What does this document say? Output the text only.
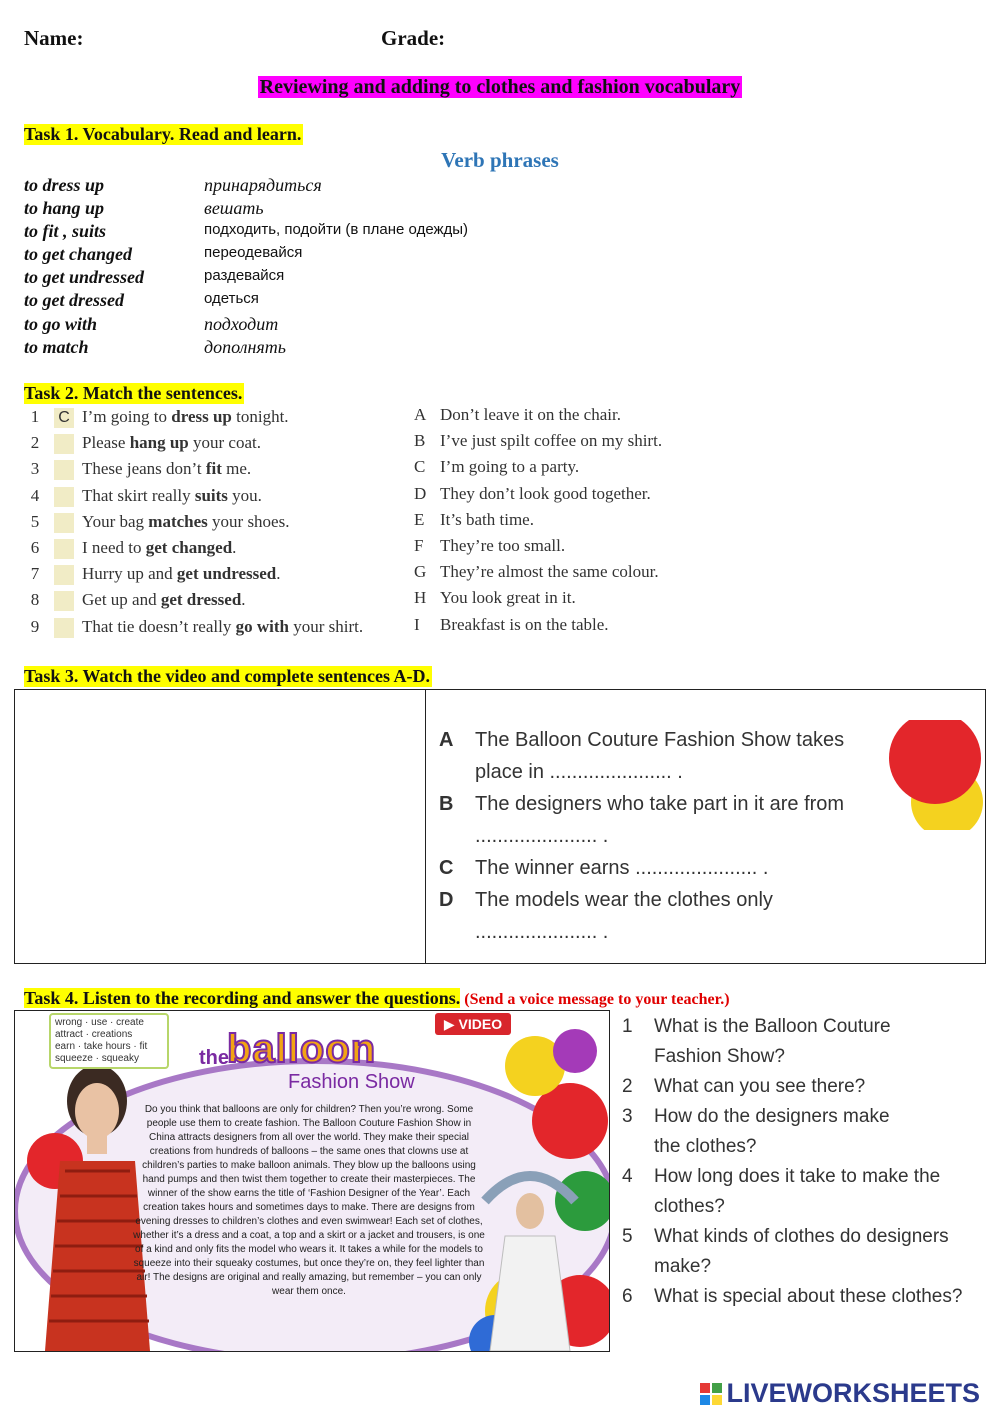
Name:	Grade:
Reviewing and adding to clothes and fashion vocabulary
Task 1. Vocabulary. Read and learn.
Verb phrases
to dress up	принарядиться
to hang up	вешать
to fit , suits	подходить, подойти (в плане одежды)
to get changed	переодевайся
to get undressed	раздевайся
to get dressed	одеться
to go with	подходит
to match	дополнять
Task 2. Match the sentences.
1 C I’m going to dress up tonight.
2	Please hang up your coat.
3	These jeans don’t fit me.
4	That skirt really suits you.
5	Your bag matches your shoes.
6	I need to get changed.
7	Hurry up and get undressed.
8	Get up and get dressed.
9	That tie doesn’t really go with your shirt.
A Don’t leave it on the chair.
B I’ve just spilt coffee on my shirt.
C I’m going to a party.
D They don’t look good together.
E It’s bath time.
F They’re too small.
G They’re almost the same colour.
H You look great in it.
I Breakfast is on the table.
Task 3. Watch the video and complete sentences A-D.
A The Balloon Couture Fashion Show takes place in ...................... .
B The designers who take part in it are from ...................... .
C The winner earns ...................... .
D The models wear the clothes only ...................... .
Task 4. Listen to the recording and answer the questions. (Send a voice message to your teacher.)
wrong · use · create
attract · creations
earn · take hours · fit
squeeze · squeaky
▶ VIDEO
the
balloon
Fashion Show
Do you think that balloons are only for children? Then you’re wrong. Some people use them to create fashion. The Balloon Couture Fashion Show in China attracts designers from all over the world. They make their special creations from hundreds of balloons – the same ones that clowns use at children’s parties to make balloon animals. They blow up the balloons using hand pumps and then twist them together to create their masterpieces. The winner of the show earns the title of ‘Fashion Designer of the Year’. Each creation takes hours and sometimes days to make. There are designs from evening dresses to children’s clothes and even swimwear! Each set of clothes, whether it’s a dress and a coat, a top and a skirt or a jacket and trousers, is one of a kind and only fits the model who wears it. It takes a while for the models to squeeze into their squeaky costumes, but once they’re on, they feel lighter than air! The designs are original and really amazing, but remember – you can only wear them once.
1	What is the Balloon Couture Fashion Show?
2	What can you see there?
3	How do the designers make the clothes?
4	How long does it take to make the clothes?
5	What kinds of clothes do designers make?
6	What is special about these clothes?
LIVEWORKSHEETS
